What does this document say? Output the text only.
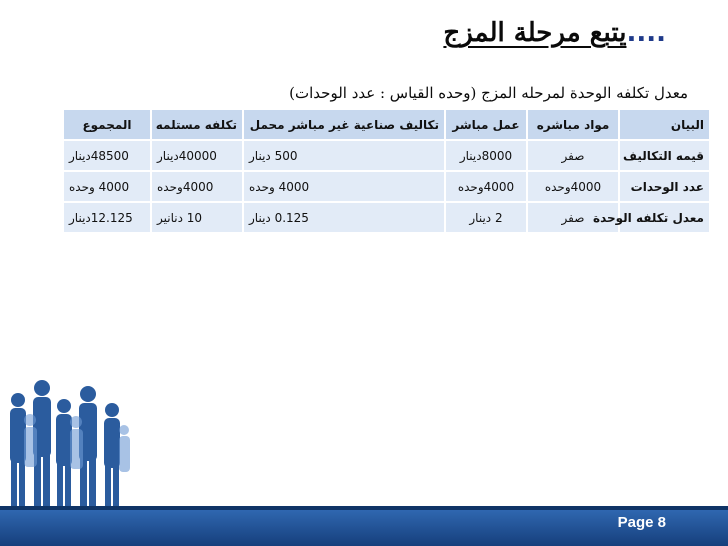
....يتبع مرحلة المزج
معدل تكلفه الوحدة لمرحله المزج (وحده القياس : عدد الوحدات)
البيان	مواد مباشره	عمل مباشر	تكاليف صناعية غير مباشر محمل	تكلفه مستلمه	المجموع
قيمه التكاليف	صفر	8000دينار	500 دينار	40000دينار	48500دينار
عدد الوحدات	4000وحده	4000وحده	4000 وحده	4000وحده	4000 وحده
معدل تكلفه الوحدة	صفر	2 دينار	0.125 دينار	10 دنانير	12.125دينار
Page 8
